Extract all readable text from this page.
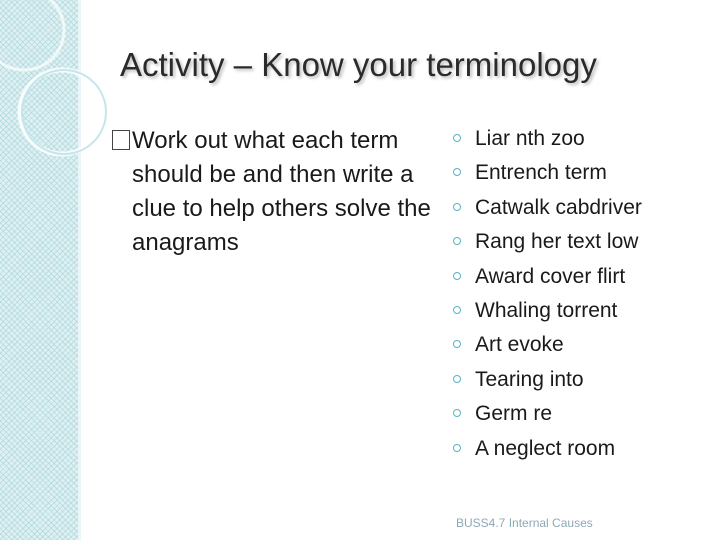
Activity – Know your terminology
Work out what each term should be and then write a clue to help others solve the anagrams
Liar nth zoo
Entrench term
Catwalk cabdriver
Rang her text low
Award cover flirt
Whaling torrent
Art evoke
Tearing into
Germ re
A neglect room
BUSS4.7 Internal Causes
